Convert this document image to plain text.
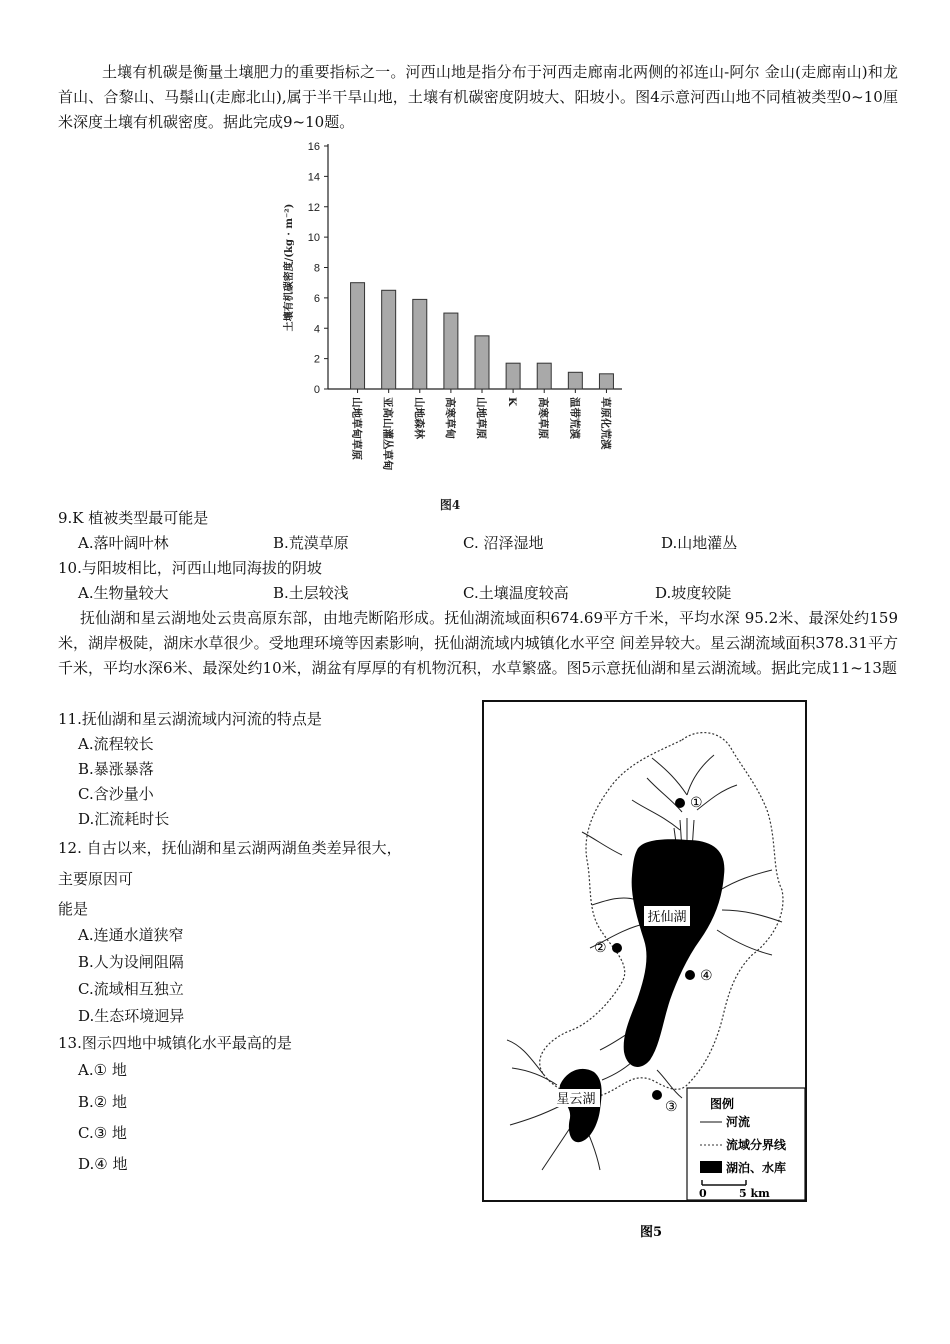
土壤有机碳是衡量土壤肥力的重要指标之一。河西山地是指分布于河西走廊南北两侧的祁连山-阿尔 金山(走廊南山)和龙首山、合黎山、马鬃山(走廊北山),属于半干旱山地，土壤有机碳密度阴坡大、阳坡小。图4示意河西山地不同植被类型0~10厘米深度土壤有机碳密度。据此完成9~10题。
0
2
4
6
8
10
12
14
16
土壤有机碳密度/(kg · m⁻²)
山地草甸草原 亚高山灌丛草甸 山地森林 高寒草甸 山地草原 K 高寒草原 温带荒漠 草原化荒漠
图4
9.K 植被类型最可能是
A.落叶阔叶林	B.荒漠草原	C. 沼泽湿地	D.山地灌丛
10.与阳坡相比，河西山地同海拔的阴坡
A.生物量较大	B.土层较浅	C.土壤温度较高	D.坡度较陡
抚仙湖和星云湖地处云贵高原东部，由地壳断陷形成。抚仙湖流域面积674.69平方千米，平均水深 95.2米、最深处约159米，湖岸极陡，湖床水草很少。受地理环境等因素影响，抚仙湖流域内城镇化水平空 间差异较大。星云湖流域面积378.31平方千米，平均水深6米、最深处约10米，湖盆有厚厚的有机物沉积，水草繁盛。图5示意抚仙湖和星云湖流域。据此完成11~13题
11.抚仙湖和星云湖流域内河流的特点是
A.流程较长
B.暴涨暴落
C.含沙量小
D.汇流耗时长
12. 自古以来，抚仙湖和星云湖两湖鱼类差异很大，
主要原因可
能是
A.连通水道狭窄
B.人为设闸阻隔
C.流域相互独立
D.生态环境迥异
13.图示四地中城镇化水平最高的是
A.① 地
B.② 地
C.③ 地
D.④ 地
抚仙湖
星云湖
①
②
③
④
图例
河流
流域分界线
湖泊、水库
0	5 km
图5
